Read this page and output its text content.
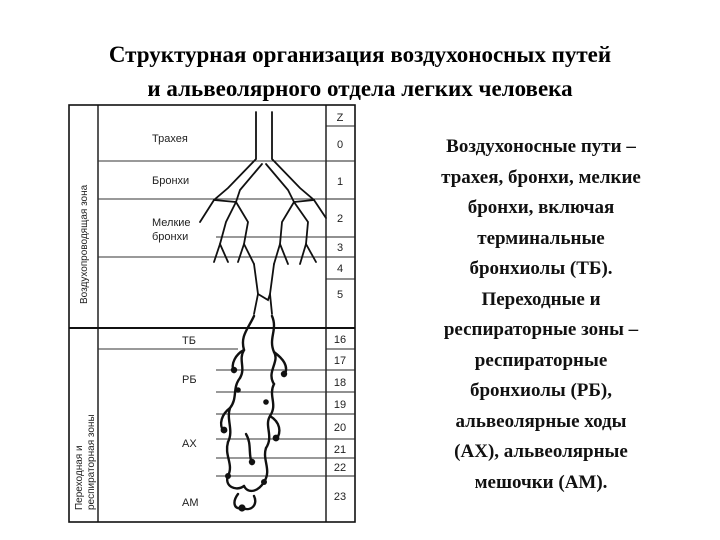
Структурная организация воздухоносных путей
и альвеолярного отдела легких человека
Воздухопроводящая зона
Переходная и респираторная зоны
Трахея
Бронхи
Мелкие
бронхи
ТБ
РБ
АХ
АМ
Z
0
1
2
3
4
5
16
17
18
19
20
21
22
23

Воздухоносные пути –
трахея, бронхи, мелкие
бронхи, включая
терминальные
бронхиолы (ТБ).

Переходные и
респираторные зоны –
респираторные
бронхиолы (РБ),
альвеолярные ходы
(АХ), альвеолярные
мешочки (АМ).
